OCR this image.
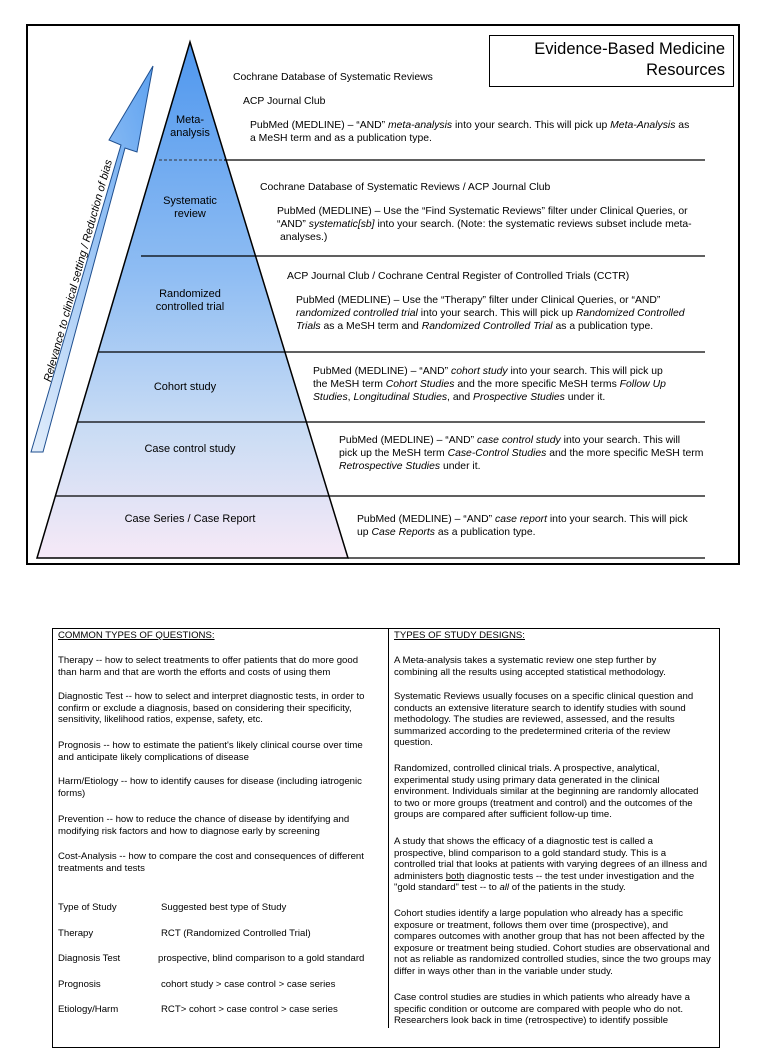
Relevance to clinical setting / Reduction of bias
Evidence-Based Medicine
Resources
Meta-
analysis
Systematic
review
Randomized
controlled trial
Cohort study
Case control study
Case Series / Case Report
Cochrane Database of Systematic Reviews
ACP Journal Club
PubMed (MEDLINE) – “AND” meta-analysis into your search. This will pick up Meta-Analysis as
a MeSH term and as a publication type.
Cochrane Database of Systematic Reviews / ACP Journal Club
PubMed (MEDLINE) – Use the “Find Systematic Reviews” filter under Clinical Queries, or
“AND” systematic[sb] into your search. (Note: the systematic reviews subset include meta-
analyses.)
ACP Journal Club / Cochrane Central Register of Controlled Trials (CCTR)
PubMed (MEDLINE) – Use the “Therapy” filter under Clinical Queries, or “AND”
randomized controlled trial into your search. This will pick up Randomized Controlled
Trials as a MeSH term and Randomized Controlled Trial as a publication type.
PubMed (MEDLINE) – “AND” cohort study into your search. This will pick up
the MeSH term Cohort Studies and the more specific MeSH terms Follow Up
Studies, Longitudinal Studies, and Prospective Studies under it.
PubMed (MEDLINE) – “AND” case control study into your search. This will
pick up the MeSH term Case-Control Studies and the more specific MeSH term
Retrospective Studies under it.
PubMed (MEDLINE) – “AND” case report into your search. This will pick
up Case Reports as a publication type.
COMMON TYPES OF QUESTIONS:
Therapy -- how to select treatments to offer patients that do more good
than harm and that are worth the efforts and costs of using them
Diagnostic Test -- how to select and interpret diagnostic tests, in order to
confirm or exclude a diagnosis, based on considering their specificity,
sensitivity, likelihood ratios, expense, safety, etc.
Prognosis -- how to estimate the patient's likely clinical course over time
and anticipate likely complications of disease
Harm/Etiology -- how to identify causes for disease (including iatrogenic
forms)
Prevention -- how to reduce the chance of disease by identifying and
modifying risk factors and how to diagnose early by screening
Cost-Analysis -- how to compare the cost and consequences of different
treatments and tests
Type of Study	Suggested best type of Study
Therapy	RCT (Randomized Controlled Trial)
Diagnosis Test	prospective, blind comparison to a gold standard
Prognosis	cohort study > case control > case series
Etiology/Harm	RCT> cohort > case control > case series
TYPES OF STUDY DESIGNS:
A Meta-analysis takes a systematic review one step further by
combining all the results using accepted statistical methodology.
Systematic Reviews usually focuses on a specific clinical question and
conducts an extensive literature search to identify studies with sound
methodology. The studies are reviewed, assessed, and the results
summarized according to the predetermined criteria of the review
question.
Randomized, controlled clinical trials. A prospective, analytical,
experimental study using primary data generated in the clinical
environment. Individuals similar at the beginning are randomly allocated
to two or more groups (treatment and control) and the outcomes of the
groups are compared after sufficient follow-up time.
A study that shows the efficacy of a diagnostic test is called a
prospective, blind comparison to a gold standard study. This is a
controlled trial that looks at patients with varying degrees of an illness and
administers both diagnostic tests -- the test under investigation and the
"gold standard" test -- to all of the patients in the study.
Cohort studies identify a large population who already has a specific
exposure or treatment, follows them over time (prospective), and
compares outcomes with another group that has not been affected by the
exposure or treatment being studied. Cohort studies are observational and
not as reliable as randomized controlled studies, since the two groups may
differ in ways other than in the variable under study.
Case control studies are studies in which patients who already have a
specific condition or outcome are compared with people who do not.
Researchers look back in time (retrospective) to identify possible
